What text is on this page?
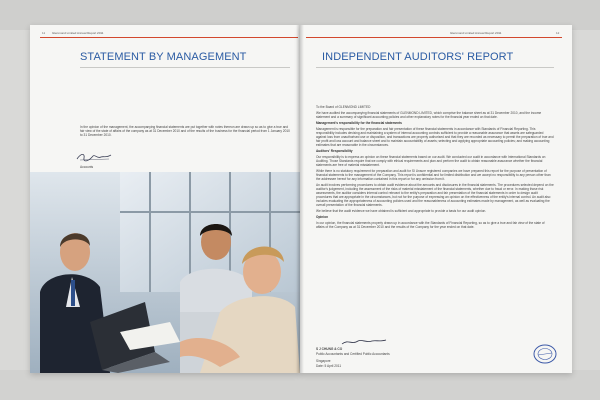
Glenmond Limited Annual Report 2011
11
STATEMENT BY MANAGEMENT
In the opinion of the management, the accompanying financial statements are put together with notes thereon are drawn up so as to give a true and fair view of the state of affairs of the company as at 31 December 2010 and of the results of the business for the financial period from 1 January 2010 to 31 December 2010.
Accounts
Glenmond Limited Annual Report 2011	12
INDEPENDENT AUDITORS' REPORT

To the Board of GLENMOND LIMITED

We have audited the accompanying financial statements of GLENMOND LIMITED, which comprise the balance sheet as at 31 December 2010, and the income statement and a summary of significant accounting policies and other explanatory notes for the financial year ended on that date.

Management's responsibility for the financial statements

Management is responsible for the preparation and fair presentation of these financial statements in accordance with Standards of Financial Reporting. This responsibility includes devising and maintaining a system of internal accounting controls sufficient to provide a reasonable assurance that assets are safeguarded against loss from unauthorised use or disposition, and transactions are properly authorised and that they are recorded as necessary to permit the preparation of true and fair profit and loss account and balance sheet and to maintain accountability of assets; selecting and applying appropriate accounting policies; and making accounting estimates that are reasonable in the circumstances.

Auditors' Responsibility

Our responsibility is to express an opinion on these financial statements based on our audit. We conducted our audit in accordance with International Standards on Auditing. Those Standards require that we comply with ethical requirements and plan and perform the audit to obtain reasonable assurance whether the financial statements are free of material misstatement.

While there is no statutory requirement for preparation and audit for SI Unsure registered companies we have prepared this report for the purpose of presentation of financial statements to the management of the Company. This report is confidential and for limited distribution and we accept no responsibility to any person other than the addressee hereof for any information contained in this report or for any omission from it.

An audit involves performing procedures to obtain audit evidence about the amounts and disclosures in the financial statements. The procedures selected depend on the auditor's judgement, including the assessment of the risks of material misstatement of the financial statements, whether due to fraud or error. In making those risk assessments, the auditor considers internal control relevant to the entity's preparation and fair presentation of the financial statements in order to design audit procedures that are appropriate in the circumstances, but not for the purpose of expressing an opinion on the effectiveness of the entity's internal control. An audit also includes evaluating the appropriateness of accounting policies used and the reasonableness of accounting estimates made by management, as well as evaluating the overall presentation of the financial statements.

We believe that the audit evidence we have obtained is sufficient and appropriate to provide a basis for our audit opinion.

Opinion

In our opinion, the financial statements properly drawn up in accordance with the Standards of Financial Reporting, so as to give a true and fair view of the state of affairs of the Company as at 31 December 2010 and the results of the Company for the year ended on that date.

S J CHUNG & CO
Public Accountants and Certified Public Accountants
Singapore
Date: 5 April 2011
